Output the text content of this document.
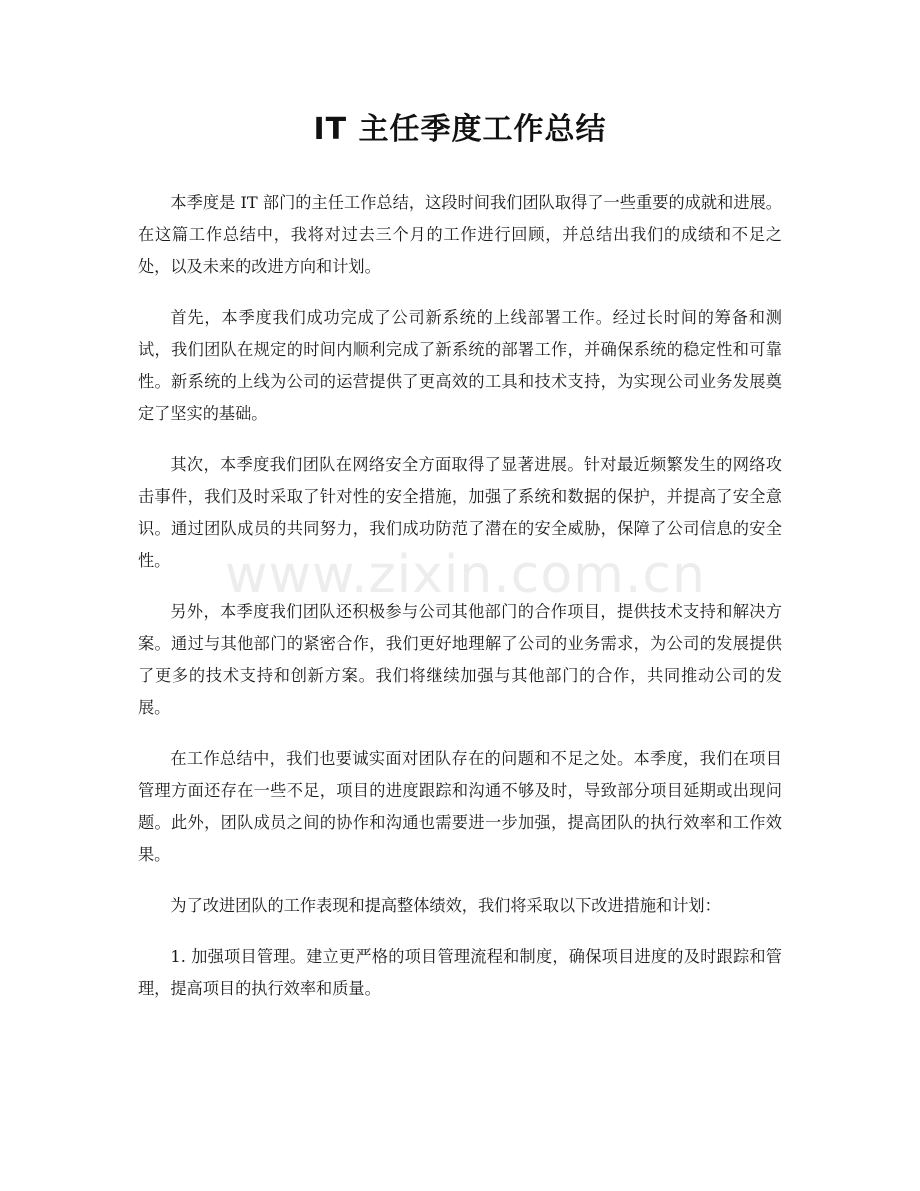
IT 主任季度工作总结

本季度是 IT 部门的主任工作总结，这段时间我们团队取得了一些重要的成就和进展。在这篇工作总结中，我将对过去三个月的工作进行回顾，并总结出我们的成绩和不足之处，以及未来的改进方向和计划。

首先，本季度我们成功完成了公司新系统的上线部署工作。经过长时间的筹备和测试，我们团队在规定的时间内顺利完成了新系统的部署工作，并确保系统的稳定性和可靠性。新系统的上线为公司的运营提供了更高效的工具和技术支持，为实现公司业务发展奠定了坚实的基础。

其次，本季度我们团队在网络安全方面取得了显著进展。针对最近频繁发生的网络攻击事件，我们及时采取了针对性的安全措施，加强了系统和数据的保护，并提高了安全意识。通过团队成员的共同努力，我们成功防范了潜在的安全威胁，保障了公司信息的安全性。

另外，本季度我们团队还积极参与公司其他部门的合作项目，提供技术支持和解决方案。通过与其他部门的紧密合作，我们更好地理解了公司的业务需求，为公司的发展提供了更多的技术支持和创新方案。我们将继续加强与其他部门的合作，共同推动公司的发展。

在工作总结中，我们也要诚实面对团队存在的问题和不足之处。本季度，我们在项目管理方面还存在一些不足，项目的进度跟踪和沟通不够及时，导致部分项目延期或出现问题。此外，团队成员之间的协作和沟通也需要进一步加强，提高团队的执行效率和工作效果。

为了改进团队的工作表现和提高整体绩效，我们将采取以下改进措施和计划：

1. 加强项目管理。建立更严格的项目管理流程和制度，确保项目进度的及时跟踪和管理，提高项目的执行效率和质量。

www.zixin.com.cn
